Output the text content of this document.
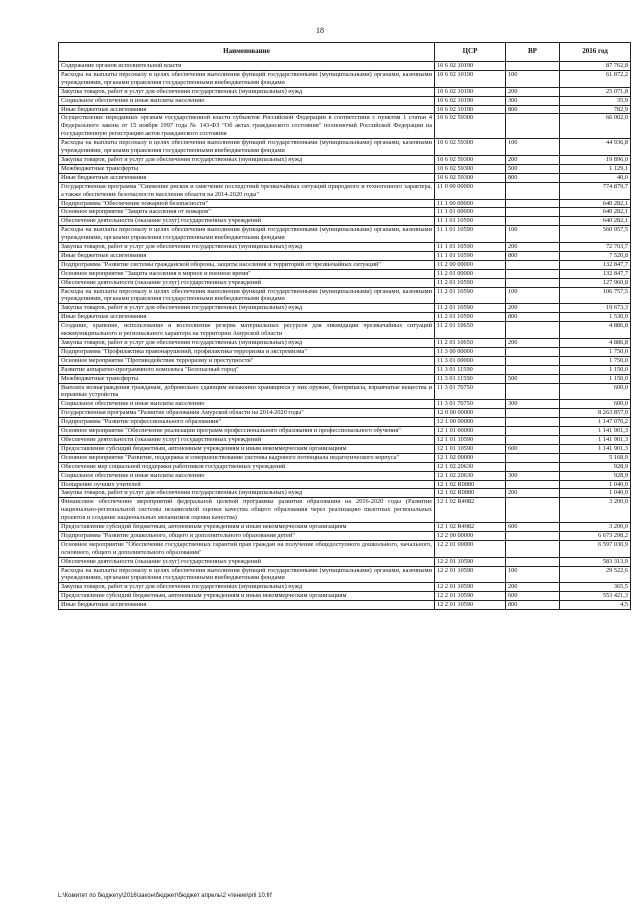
18
Наименование	ЦСР	ВР	2016 год
Содержание органов исполнительной власти	10 6 02 10190		87 762,8
Расходы на выплаты персоналу в целях обеспечения выполнения функций государственными (муниципальными) органами, казенными учреждениями, органами управления государственными внебюджетными фондами	10 6 02 10190	100	61 872,2
Закупка товаров, работ и услуг для обеспечения государственных (муниципальных) нужд	10 6 02 10190	200	25 071,8
Социальное обеспечение и иные выплаты населению	10 6 02 10190	300	35,9
Иные бюджетные ассигнования	10 6 02 10190	800	782,9
Осуществление переданных органам государственной власти субъектов Российской Федерации в соответствии с пунктом 1 статьи 4 Федерального закона от 15 ноября 1997 года № 143-ФЗ "Об актах гражданского состояния" полномочий Российской Федерации на государственную регистрацию актов гражданского состояния	10 6 02 59300		66 002,0
Расходы на выплаты персоналу в целях обеспечения выполнения функций государственными (муниципальными) органами, казенными учреждениями, органами управления государственными внебюджетными фондами	10 6 02 59300	100	44 936,8
Закупка товаров, работ и услуг для обеспечения государственных (муниципальных) нужд	10 6 02 59300	200	19 896,0
Межбюджетные трансферты	10 6 02 59300	500	1 129,1
Иные бюджетные ассигнования	10 6 02 59300	800	40,0
Государственная программа "Снижение рисков и смягчение последствий чрезвычайных ситуаций природного и техногенного характера, а также обеспечение безопасности населения области на 2014-2020 годы"	11 0 00 00000		774 879,7
Подпрограмма "Обеспечение пожарной безопасности"	11 1 00 00000		640 282,1
Основное мероприятие "Защита населения от пожаров"	11 1 01 00000		640 282,1
Обеспечение деятельности (оказание услуг) государственных учреждений	11 1 01 10590		640 282,1
Расходы на выплаты персоналу в целях обеспечения выполнения функций государственными (муниципальными) органами, казенными учреждениями, органами управления государственными внебюджетными фондами	11 1 01 10590	100	560 057,5
Закупка товаров, работ и услуг для обеспечения государственных (муниципальных) нужд	11 1 01 10590	200	72 703,7
Иные бюджетные ассигнования	11 1 01 10590	800	7 520,8
Подпрограмма "Развитие системы гражданской обороны, защиты населения и территорий от чрезвычайных ситуаций"	11 2 00 00000		132 847,7
Основное мероприятие "Защита населения в мирное и военное время"	11 2 01 00000		132 847,7
Обеспечение деятельности (оказание услуг) государственных учреждений	11 2 01 10590		127 960,8
Расходы на выплаты персоналу в целях обеспечения выполнения функций государственными (муниципальными) органами, казенными учреждениями, органами управления государственными внебюджетными фондами	11 2 01 10590	100	106 757,5
Закупка товаров, работ и услуг для обеспечения государственных (муниципальных) нужд	11 2 01 10590	200	19 673,3
Иные бюджетные ассигнования	11 2 01 10590	800	1 530,0
Создание, хранение, использование и восполнение резерва материальных ресурсов для ликвидации чрезвычайных ситуаций межмуниципального и регионального характера на территории Амурской области	11 2 01 10650		4 886,8
Закупка товаров, работ и услуг для обеспечения государственных (муниципальных) нужд	11 2 01 10650	200	4 886,8
Подпрограмма "Профилактика правонарушений, профилактика терроризма и экстремизма"	11 3 00 00000		1 750,0
Основное мероприятие "Противодействие терроризму и преступности"	11 3 01 00000		1 750,0
Развитие аппаратно-программного комплекса "Безопасный город"	11 3 01 11590		1 150,0
Межбюджетные трансферты	11 3 01 11590	500	1 150,0
Выплата вознаграждения гражданам, добровольно сдающим незаконно хранящиеся у них оружие, боеприпасы, взрывчатые вещества и взрывные устройства	11 3 01 70750		600,0
Социальное обеспечение и иные выплаты населению	11 3 01 70750	300	600,0
Государственная программа "Развитие образования Амурской области на 2014-2020 годы"	12 0 00 00000		8 263 857,0
Подпрограмма "Развитие профессионального образования"	12 1 00 00000		1 147 070,2
Основное мероприятие "Обеспечение реализации программ профессионального образования и профессионального обучения"	12 1 01 00000		1 141 901,3
Обеспечение деятельности (оказание услуг) государственных учреждений	12 1 01 10590		1 141 901,3
Предоставление субсидий бюджетным, автономным учреждениям и иным некоммерческим организациям	12 1 01 10590	600	1 141 901,3
Основное мероприятие "Развитие, поддержка и совершенствование системы кадрового потенциала педагогического корпуса"	12 1 02 00000		5 168,9
Обеспечение мер социальной поддержки работников государственных учреждений	12 1 02 20630		928,9
Социальное обеспечение и иные выплаты населению	12 1 02 20630	300	928,9
Поощрение лучших учителей	12 1 02 R0880		1 040,0
Закупка товаров, работ и услуг для обеспечения государственных (муниципальных) нужд	12 1 02 R0880	200	1 040,0
Финансовое обеспечение мероприятий федеральной целевой программы развития образования на 2016-2020 годы (Развитие национально-региональной системы независимой оценки качества общего образования через реализацию пилотных региональных проектов и создание национальных механизмов оценки качества)	12 1 02 R4982		3 200,0
Предоставление субсидий бюджетным, автономным учреждениям и иным некоммерческим организациям	12 1 02 R4982	600	3 200,0
Подпрограмма "Развитие дошкольного, общего и дополнительного образования детей"	12 2 00 00000		6 673 298,2
Основное мероприятие "Обеспечение государственных гарантий прав граждан на получение общедоступного дошкольного, начального, основного, общего и дополнительного образования"	12 2 01 00000		6 597 030,9
Обеспечение деятельности (оказание услуг) государственных учреждений	12 2 01 10590		583 313,9
Расходы на выплаты персоналу в целях обеспечения выполнения функций государственными (муниципальными) органами, казенными учреждениями, органами управления государственными внебюджетными фондами	12 2 01 10590	100	29 522,6
Закупка товаров, работ и услуг для обеспечения государственных (муниципальных) нужд	12 2 01 10590	200	365,5
Предоставление субсидий бюджетным, автономным учреждениям и иным некоммерческим организациям	12 2 01 10590	600	553 421,3
Иные бюджетные ассигнования	12 2 01 10590	800	4,5
L:\Комитет по бюджету\2016\закон\бюджет\бюджет апрель\2 чтение\pril 10.frf
